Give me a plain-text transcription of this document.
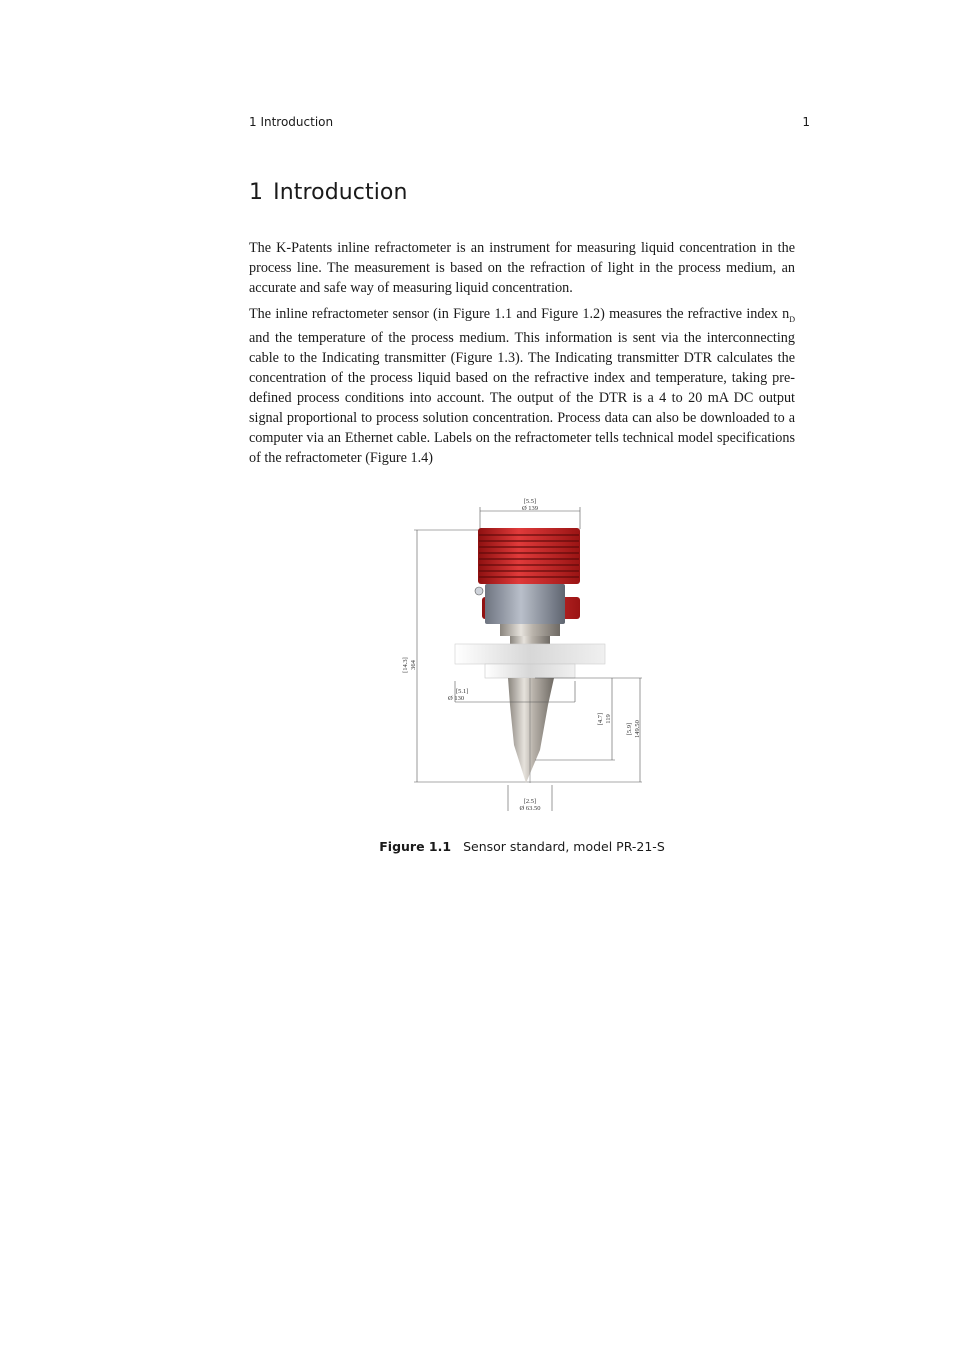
1 Introduction	1
1 Introduction

The K-Patents inline refractometer is an instrument for measuring liquid concentration in the process line. The measurement is based on the refraction of light in the process medium, an accurate and safe way of measuring liquid concentration.

The inline refractometer sensor (in Figure 1.1 and Figure 1.2) measures the refractive index $n_D$ and the temperature of the process medium. This information is sent via the interconnecting cable to the Indicating transmitter (Figure 1.3). The Indicating transmitter DTR calculates the concentration of the process liquid based on the refractive index and temperature, taking pre-defined process conditions into account. The output of the DTR is a 4 to 20 mA DC output signal proportional to process solution concentration. Process data can also be downloaded to a computer via an Ethernet cable. Labels on the refractometer tells technical model specifications of the refractometer (Figure 1.4)

[5.5]
Ø 139
[14.3] 364
[5.1]
Ø 130
[4.7] 119
[5.9] 149.50
[2.5]
Ø 63.50
Figure 1.1 Sensor standard, model PR-21-S
